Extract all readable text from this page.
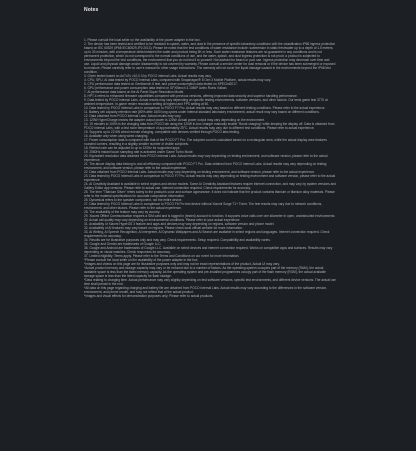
Notes

1. Please consult the local seller on the availability of the power adapter in the box.

2. The device has been tested and certified to be resistant to splash, water, and dust in the presence of specific laboratory conditions with the classification IP68 ingress protection based on IEC 60529 (IP68 IEC60529-IP2:2013). Please be noted that the test conditions of water resistance include: submersion in static freshwater up to a depth of 1.5 meters, up to 30 minutes, with a temperature delta between the water and product being 5K or less. Such water resistance features are no guarantee in any conditions and is not permanent protection, which do not correspond to the normal conditions of use, and the water, splash, and dust ingress protection is not proof; a product is subjected to environments beyond the test conditions, the environment that you do not test it to yourself. Not advised for beach or pool use. Ingress protection may decrease over time and use. Liquid and physical damage and/or disassembly is not covered by warranty. Please consult a service center for dust removal or if the device has been submerged or exposed to moisture. Please carefully refer to user's manual for other usage instructions. The warranty will not cover the liquid damage caused in the environments beyond the IP68 test condition.

3. Given tested based on AnTuTu v10.0.3 by POCO Internal Labs. Actual results may vary.

4. CPU, SPU, AI data tested by POCO Internal Labs, compared with Snapdragon® 8 Gen 3 Mobile Platform, actual results may vary.

5. CPU performance data tested on Geekbench 6 test, and power consumption data tested on SPECint2017.

6. GPU performance and power consumption data tested on GFXBench 3.1080P Aztec Ruins Vulkan.

7. AI performance data based on the AI Panel Super Resolution Model.

8. HPT-4 refers to enhanced firmware capabilities compared with previous versions, offering improved data security and superior handling performance.

9. Data tested by POCO Internal Labs. Actual results may vary depending on specific testing environments, software versions, and other factors. Our tests game test 3770 at ambient temperature. In-game render resolution setting at highest and FPS setting at 60.

10. Data tested by POCO Internal Labs in comparison to POCO F7 Pro. Actual results may vary based on different testing conditions. Please refer to the actual experience.

11. Battery cell capacity retention rate (80% after 1600 long cycles under internal standard laboratory environment, actual result may vary based on different conditions.

12. Data obtained from POCO Internal Labs. Actual results may vary.

13. 120W HyperCharge means the adapter output power is 120W. Actual power output may vary depending on the environment.

14. 19 minutes to 100% is the charging data from POCO lab using the 120W in-box charger manually enable "Boost charging" while keeping the display off. Data is obtained from POCO Internal Labs, with a test room temperature of approximately 25°C. Actual results may vary due to different test conditions. Please refer to actual experience.

15. Supports up to 22.5W wired reverse charging, compatible with devices verified through POCO labs testing.

16. Available only when using wired charging.

17. Power consumption data is compared with that of the POCO F7 Pro. The subpixel count is calculated based on a rectangular area, while the actual display area features rounded corners, resulting in a slightly smaller number of visible subpixels.

18. Refresh rate can be adjusted to up to 120Hz for supported apps.

19. 2560Hz instant touch sampling rate is activated under Game Turbo Mode.

20. Equivalent resolution data obtained from POCO Internal Labs. Actual results may vary depending on testing environment, and software version, please refer to the actual experience.

21. The above display data belong to and all efficiency compared with POCO F7 Pro. Data obtained from POCO Internal Labs. Actual results may vary depending on testing environment, and software version, please refer to the actual experience.

22. Data obtained from POCO Internal Labs. Actual results may vary depending on testing environment, and software version, please refer to the actual experience.

23. Data tested by POCO Internal Labs in comparison to POCO F7 Pro. Actual results may vary depending on testing environment and software version, please refer to the actual experience.

24. AI Creativity Assistant is available in select regions and device models. Some AI Creativity Assistant features require Internet connection, and may vary by system versions and Gallery Editor app versions. Please refer to actual use. Internet connection required. Check requirements for accuracy.

25. The term "Titanium Silver" refers solely to the product's color and surface appearance. It does not indicate that the product contains titanium or titanium alloy materials. Please refer to the material specifications for accurate composition information.

26. Dynamical refers to the speaker component, not the entire device.

27. Data tested by POCO Internal Labs in comparison to POCO F6 Pro test device without Xiaomi Surge T1+ Tuner. The test results may vary due to network conditions, environment, and other factors. Please refer to the actual experience.

28. The availability of the feature may vary by country.

29. Xiaomi Offline Communication requires a SIM card and is logged in (tested) account to function. It supports voice calls over one kilometer in open, unobstructed environments.

30. Actual call quality may vary depending on environmental conditions. Please refer to your actual experience.

31. Availability of Xiaomi HyperOS 3 feature and apps and devices may vary depending on regions, software version and phone model.

32. Availability of AI features may vary based on regions. Please check local official website for more information.

33. AI Writing, AI Speech Recognition, AI Interpreter, AI Dynamic Wallpapers and AI Search are available in select regions and languages. Internet connection required. Check requirements for accuracy.

34. Results are for illustrative purposes only and may vary. Check requirements. Setup required. Compatibility and availability varies.

35. Google and Gemini are trademarks of Google LLC.

36. Google and Android are trademarks of Google LLC. Available on select devices and internet connection required. Works on compatible apps and surfaces. Results may vary depending on visual matches. Check responses for accuracy.

37. Limited eligibility. Terms apply. Please refer to the Terms and Conditions on our event for more information.

*Please consult the local seller on the availability of the power adapter in the box.

*Images and videos on this page are for illustrative purposes only and may not be exact representations of the product. Actual UI may vary.

*Actual product memory and storage capacity may vary or be reduced due to a number of factors. As the operating system occupies part of the memory (RAM), the actual available space is less than the listed memory capacity. As the operating system and pre-installed programmes occupy part of the flash memory (ROM), the actual available storage space is less than the listed capacity for flash storage.

*Data relating to charging time. Actual performance may vary slightly depending on test software versions, specific test environments, and different device versions. The actual use time shall prevail in the end.

*All data on this page regarding charging and battery life are obtained from POCO Internal Labs. Actual results may vary according to the differences in the software version, environment, and phone model, and may not reflect that of the actual product.

*Images and visual effects for demonstration purposes only. Please refer to actual products.
